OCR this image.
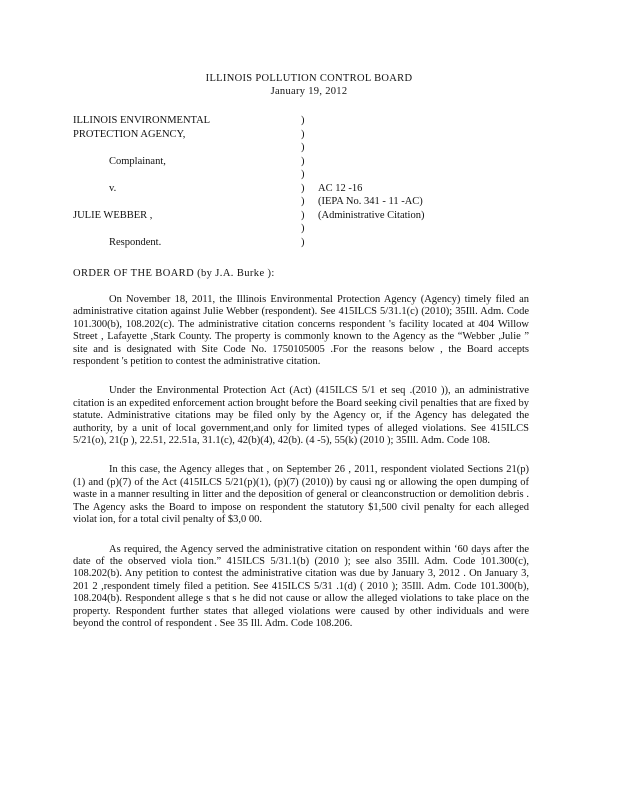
ILLINOIS POLLUTION CONTROL BOARD
January 19, 2012
ILLINOIS ENVIRONMENTAL
PROTECTION AGENCY,
Complainant,
v.
JULIE WEBBER ,
Respondent.
)
)
)
)
)
)
)
)
)
)
AC 12 -16
(IEPA No. 341 - 11 -AC)
(Administrative Citation)
ORDER OF THE BOARD (by J.A. Burke ):

On November 18, 2011, the Illinois Environmental Protection Agency (Agency) timely filed an administrative citation against Julie Webber (respondent). See 415ILCS 5/31.1(c) (2010); 35Ill. Adm. Code 101.300(b), 108.202(c). The administrative citation concerns respondent 's facility located at 404 Willow Street , Lafayette ,Stark County. The property is commonly known to the Agency as the “Webber ,Julie ” site and is designated with Site Code No. 1750105005 .For the reasons below , the Board accepts respondent 's petition to contest the administrative citation.

Under the Environmental Protection Act (Act) (415ILCS 5/1 et seq .(2010 )), an administrative citation is an expedited enforcement action brought before the Board seeking civil penalties that are fixed by statute. Administrative citations may be filed only by the Agency or, if the Agency has delegated the authority, by a unit of local government,and only for limited types of alleged violations. See 415ILCS 5/21(o), 21(p ), 22.51, 22.51a, 31.1(c), 42(b)(4), 42(b). (4 -5), 55(k) (2010 ); 35Ill. Adm. Code 108.

In this case, the Agency alleges that , on September 26 , 2011, respondent violated Sections 21(p)(1) and (p)(7) of the Act (415ILCS 5/21(p)(1), (p)(7) (2010)) by causi ng or allowing the open dumping of waste in a manner resulting in litter and the deposition of general or cleanconstruction or demolition debris . The Agency asks the Board to impose on respondent the statutory $1,500 civil penalty for each alleged violat ion, for a total civil penalty of $3,0 00.

As required, the Agency served the administrative citation on respondent within ‘60 days after the date of the observed viola tion.” 415ILCS 5/31.1(b) (2010 ); see also 35Ill. Adm. Code 101.300(c), 108.202(b). Any petition to contest the administrative citation was due by January 3, 2012 . On January 3, 201 2 ,respondent timely filed a petition. See 415ILCS 5/31 .1(d) ( 2010 ); 35Ill. Adm. Code 101.300(b), 108.204(b). Respondent allege s that s he did not cause or allow the alleged violations to take place on the property. Respondent further states that alleged violations were caused by other individuals and were beyond the control of respondent . See 35 Ill. Adm. Code 108.206.
